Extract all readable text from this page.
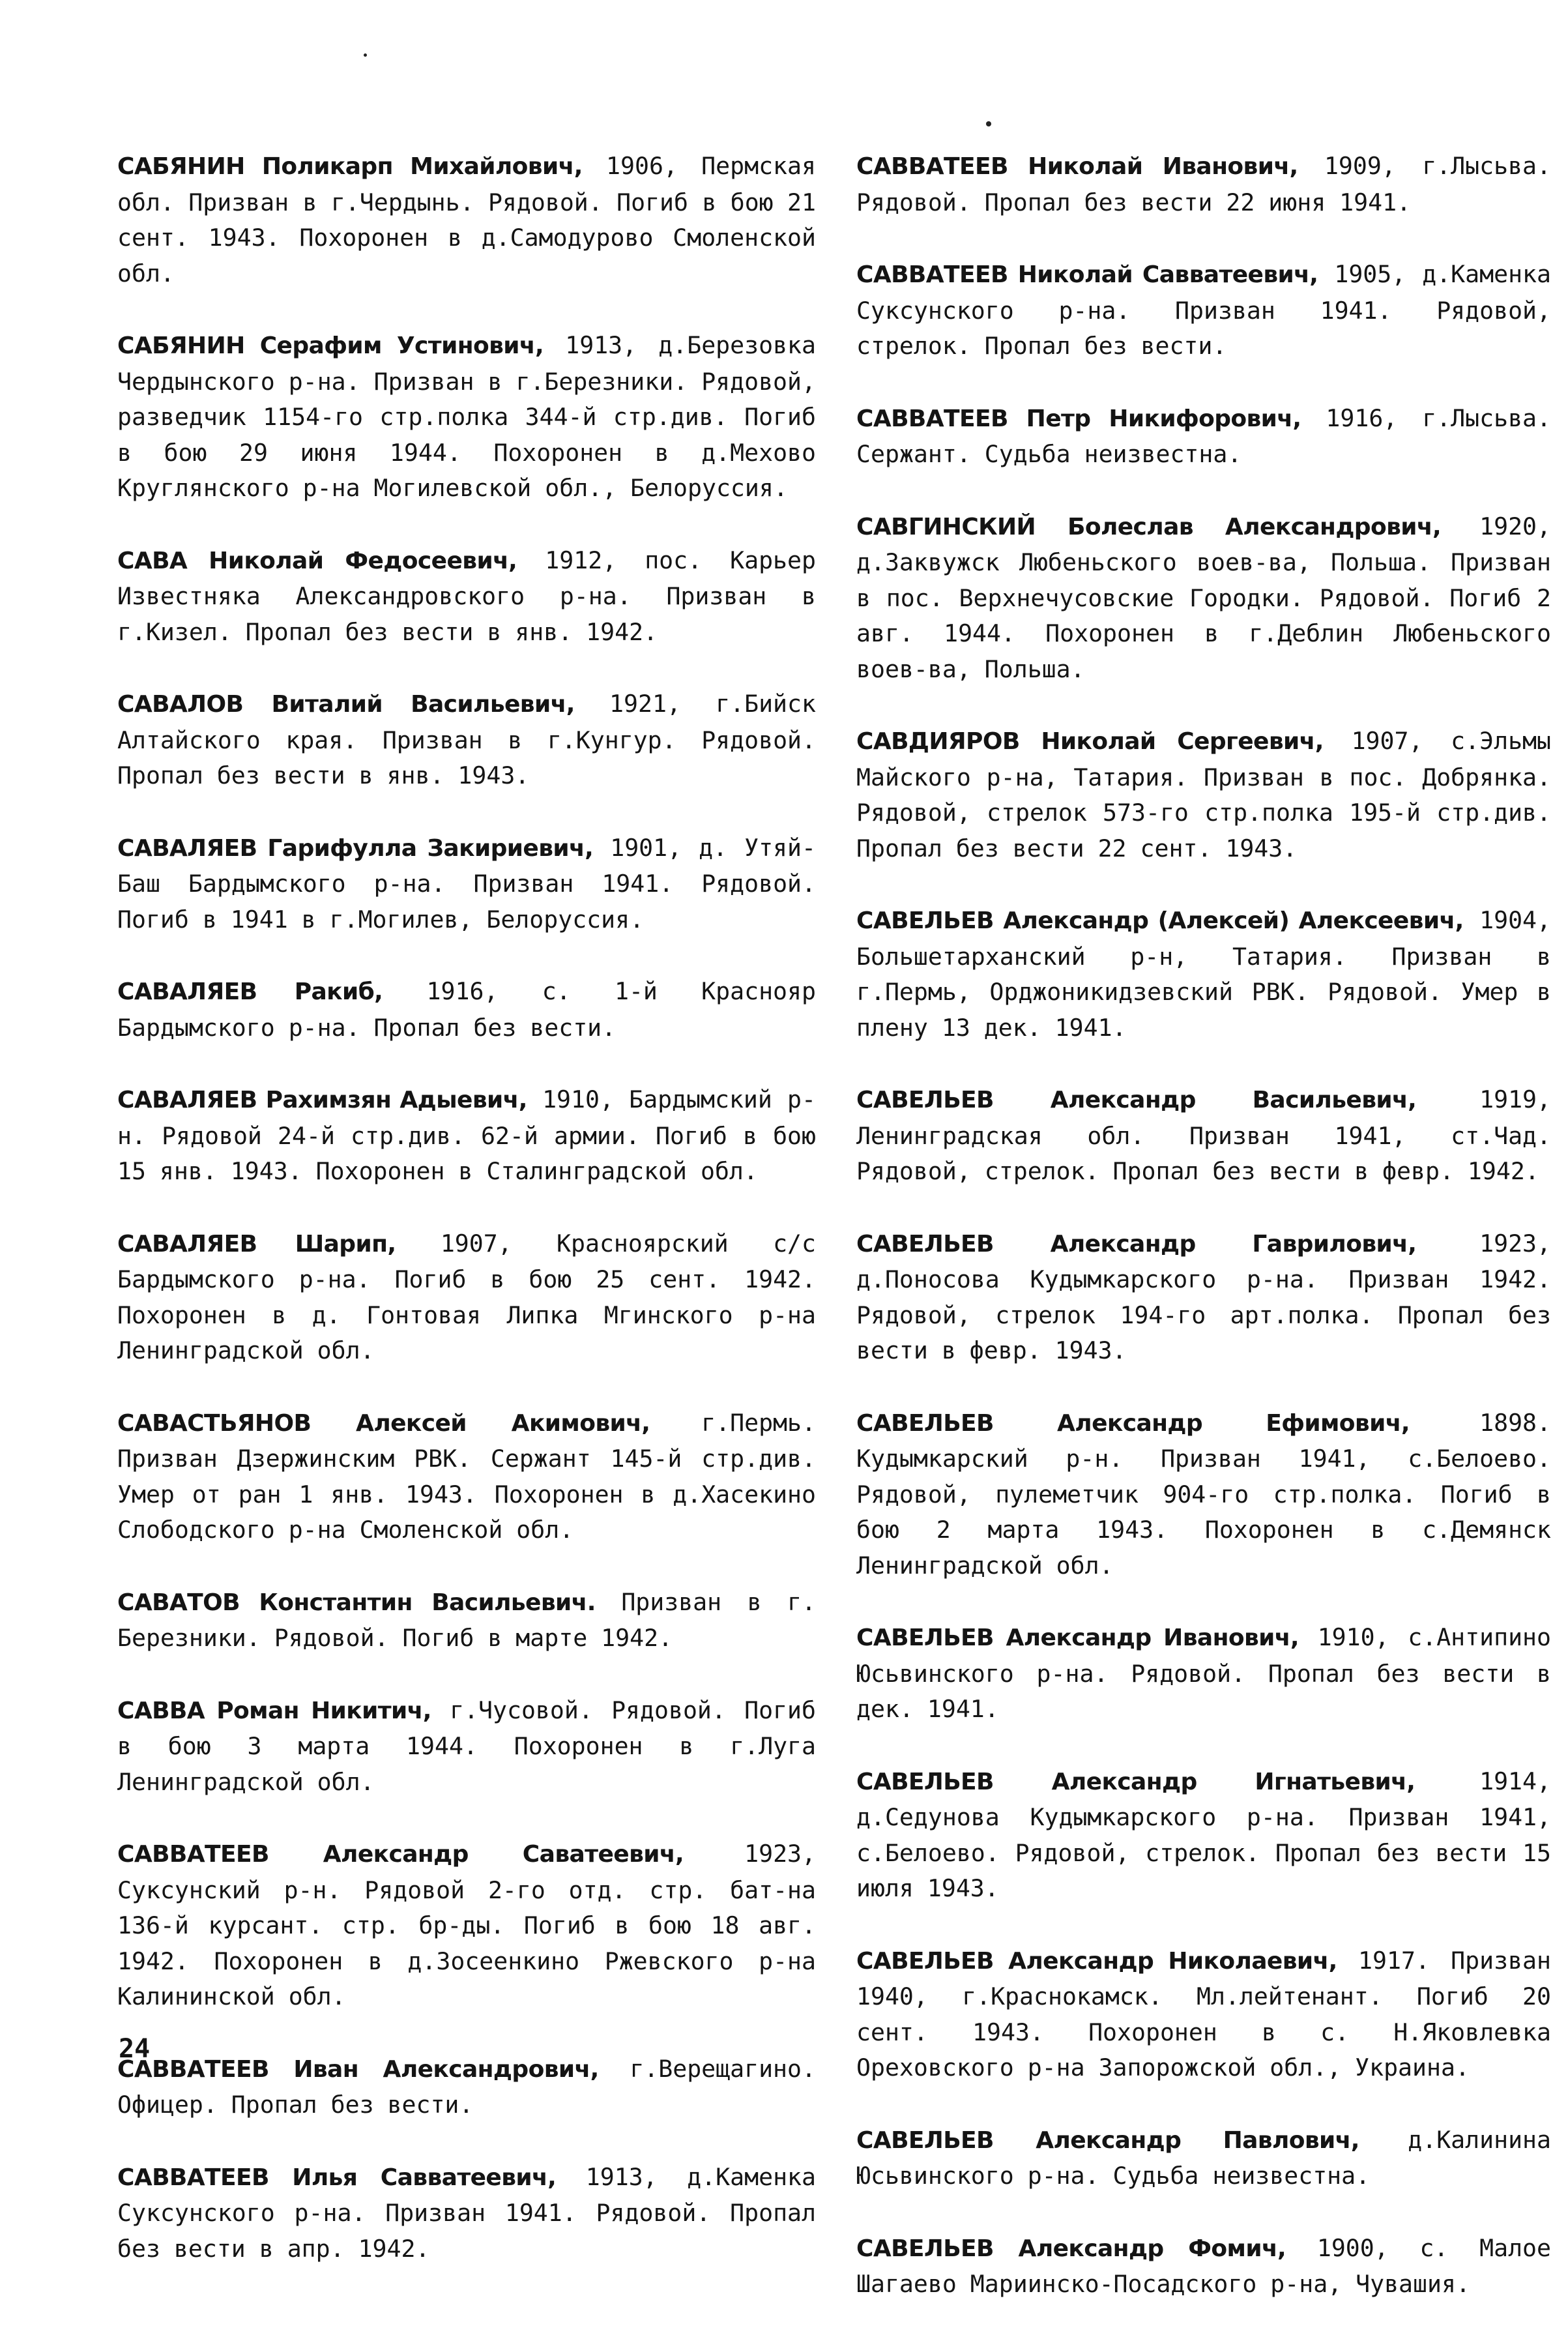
САБЯНИН Поликарп Михайлович, 1906, Пермская обл. Призван в г.Чердынь. Рядовой. Погиб в бою 21 сент. 1943. Похоронен в д.Самодурово Смоленской обл.

САБЯНИН Серафим Устинович, 1913, д.Березовка Чердынского р-на. Призван в г.Березники. Рядовой, разведчик 1154-го стр.полка 344-й стр.див. Погиб в бою 29 июня 1944. Похоронен в д.Мехово Круглянского р-на Могилевской обл., Белоруссия.

САВА Николай Федосеевич, 1912, пос. Карьер Известняка Александровского р-на. Призван в г.Кизел. Пропал без вести в янв. 1942.

САВАЛОВ Виталий Васильевич, 1921, г.Бийск Алтайского края. Призван в г.Кунгур. Рядовой. Пропал без вести в янв. 1943.

САВАЛЯЕВ Гарифулла Закириевич, 1901, д. Утяй-Баш Бардымского р-на. Призван 1941. Рядовой. Погиб в 1941 в г.Могилев, Белоруссия.

САВАЛЯЕВ Ракиб, 1916, с. 1-й Краснояр Бардымского р-на. Пропал без вести.

САВАЛЯЕВ Рахимзян Адыевич, 1910, Бардымский р-н. Рядовой 24-й стр.див. 62-й армии. Погиб в бою 15 янв. 1943. Похоронен в Сталинградской обл.

САВАЛЯЕВ Шарип, 1907, Красноярский с/с Бардымского р-на. Погиб в бою 25 сент. 1942. Похоронен в д. Гонтовая Липка Мгинского р-на Ленинградской обл.

САВАСТЬЯНОВ Алексей Акимович, г.Пермь. Призван Дзержинским РВК. Сержант 145-й стр.див. Умер от ран 1 янв. 1943. Похоронен в д.Хасекино Слободского р-на Смоленской обл.

САВАТОВ Константин Васильевич. Призван в г. Березники. Рядовой. Погиб в марте 1942.

САВВА Роман Никитич, г.Чусовой. Рядовой. Погиб в бою 3 марта 1944. Похоронен в г.Луга Ленинградской обл.

САВВАТЕЕВ Александр Саватеевич,	1923, Суксунский р-н. Рядовой 2-го отд. стр. бат-на 136-й курсант. стр. бр-ды. Погиб в бою 18 авг. 1942. Похоронен в д.Зосеенкино Ржевского р-на Калининской обл.

САВВАТЕЕВ Иван Александрович, г.Верещагино. Офицер. Пропал без вести.

САВВАТЕЕВ Илья Савватеевич, 1913, д.Каменка Суксунского р-на. Призван 1941. Рядовой. Пропал без вести в апр. 1942.

САВВАТЕЕВ Николай Иванович, 1909, г.Лысьва. Рядовой. Пропал без вести 22 июня 1941.

САВВАТЕЕВ Николай Савватеевич, 1905, д.Каменка Суксунского р-на. Призван 1941. Рядовой, стрелок. Пропал без вести.

САВВАТЕЕВ Петр Никифорович, 1916, г.Лысьва. Сержант. Судьба неизвестна.

САВГИНСКИЙ Болеслав Александрович, 1920, д.Заквужск Любеньского воев-ва, Польша. Призван в пос. Верхнечусовские Городки. Рядовой. Погиб 2 авг. 1944. Похоронен в г.Деблин Любеньского воев-ва, Польша.

САВДИЯРОВ Николай Сергеевич, 1907, с.Эльмы Майского р-на, Татария. Призван в пос. Добрянка. Рядовой, стрелок 573-го стр.полка 195-й стр.див. Пропал без вести 22 сент. 1943.

САВЕЛЬЕВ Александр (Алексей) Алексеевич, 1904, Большетарханский р-н, Татария. Призван в г.Пермь, Орджоникидзевский РВК. Рядовой. Умер в плену 13 дек. 1941.

САВЕЛЬЕВ Александр Васильевич,	1919, Ленинградская обл. Призван 1941, ст.Чад. Рядовой, стрелок. Пропал без вести в февр. 1942.

САВЕЛЬЕВ Александр Гаврилович,	1923, д.Поносова Кудымкарского р-на. Призван 1942. Рядовой, стрелок 194-го арт.полка. Пропал без вести в февр. 1943.

САВЕЛЬЕВ Александр Ефимович,	1898. Кудымкарский р-н. Призван 1941, с.Белоево. Рядовой, пулеметчик 904-го стр.полка. Погиб в бою 2 марта 1943. Похоронен в с.Демянск Ленинградской обл.

САВЕЛЬЕВ Александр Иванович, 1910, с.Антипино Юсьвинского р-на. Рядовой. Пропал без вести в дек. 1941.

САВЕЛЬЕВ Александр Игнатьевич,	1914, д.Седунова Кудымкарского р-на. Призван 1941, с.Белоево. Рядовой, стрелок. Пропал без вести 15 июля 1943.

САВЕЛЬЕВ Александр Николаевич, 1917. Призван 1940, г.Краснокамск. Мл.лейтенант. Погиб 20 сент. 1943. Похоронен в с. Н.Яковлевка Ореховского р-на Запорожской обл., Украина.

САВЕЛЬЕВ Александр Павлович, д.Калинина Юсьвинского р-на. Судьба неизвестна.

САВЕЛЬЕВ Александр Фомич, 1900, с. Малое Шагаево Мариинско-Посадского р-на, Чувашия.

24
